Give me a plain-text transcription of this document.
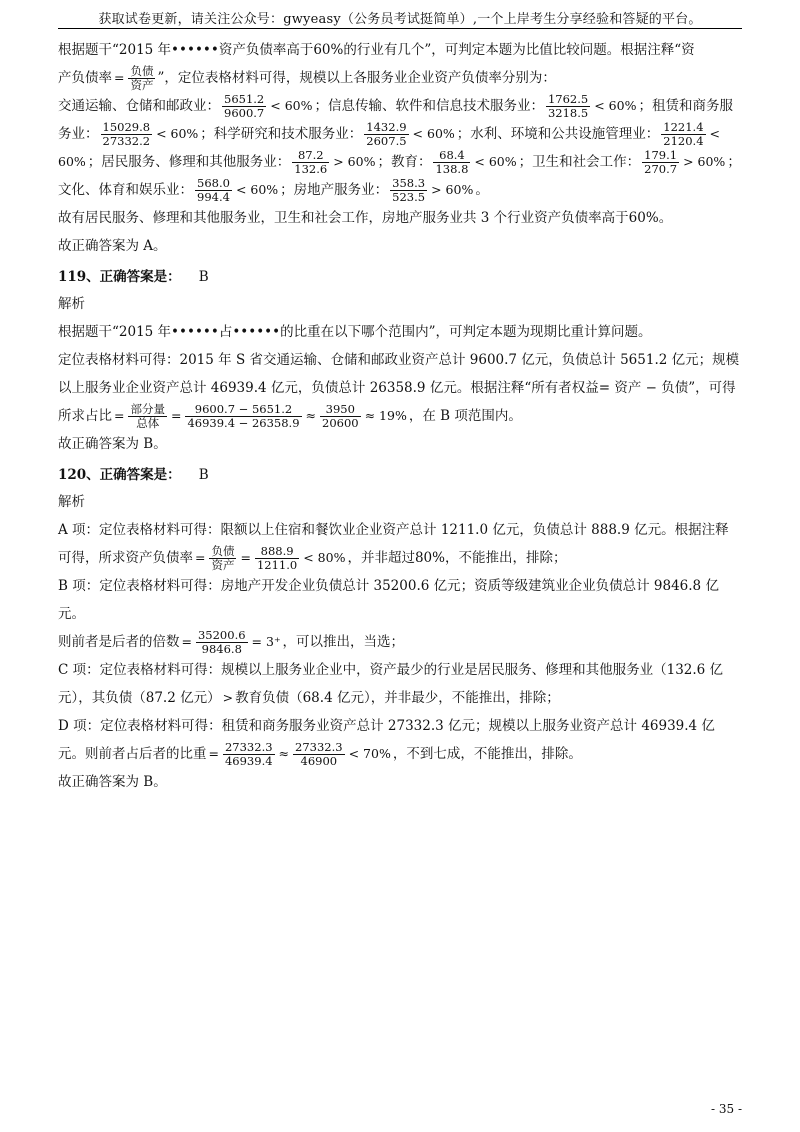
获取试卷更新，请关注公众号：gwyeasy（公务员考试挺简单）,一个上岸考生分享经验和答疑的平台。

根据题干“2015 年••••••资产负债率高于60%的行业有几个”，可判定本题为比值比较问题。根据注释“资

产负债率 = $\frac{\text{负债}}{\text{资产}}$ ”，定位表格材料可得，规模以上各服务业企业资产负债率分别为：

交通运输、仓储和邮政业： $\frac{5651.2}{9600.7} < 60\%$ ；信息传输、软件和信息技术服务业： $\frac{1762.5}{3218.5} < 60\%$ ；租赁和商务服务业： $\frac{15029.8}{27332.2} < 60\%$ ；科学研究和技术服务业： $\frac{1432.9}{2607.5} < 60\%$ ；水利、环境和公共设施管理业： $\frac{1221.4}{2120.4} < 60\%$ ；居民服务、修理和其他服务业： $\frac{87.2}{132.6} > 60\%$ ；教育： $\frac{68.4}{138.8} < 60\%$ ；卫生和社会工作： $\frac{179.1}{270.7} > 60\%$ ；文化、体育和娱乐业： $\frac{568.0}{994.4} < 60\%$ ；房地产服务业： $\frac{358.3}{523.5} > 60\%$ 。

故有居民服务、修理和其他服务业，卫生和社会工作，房地产服务业共 3 个行业资产负债率高于60%。

故正确答案为 A。

119、正确答案是： B

解析

根据题干“2015 年••••••占••••••的比重在以下哪个范围内”，可判定本题为现期比重计算问题。

定位表格材料可得：2015 年 S 省交通运输、仓储和邮政业资产总计 9600.7 亿元，负债总计 5651.2 亿元；规模

以上服务业企业资产总计 46939.4 亿元，负债总计 26358.9 亿元。根据注释“所有者权益= 资产 − 负债”，可得

所求占比 = $\frac{\text{部分量}}{\text{总体}} = \frac{9600.7 - 5651.2}{46939.4 - 26358.9} \approx \frac{3950}{20600} \approx 19\%$ ，在 B 项范围内。

故正确答案为 B。

120、正确答案是： B

解析

A 项：定位表格材料可得：限额以上住宿和餐饮业企业资产总计 1211.0 亿元，负债总计 888.9 亿元。根据注释

可得，所求资产负债率 = $\frac{\text{负债}}{\text{资产}} = \frac{888.9}{1211.0} < 80\%$ ，并非超过80%，不能推出，排除；

B 项：定位表格材料可得：房地产开发企业负债总计 35200.6 亿元；资质等级建筑业企业负债总计 9846.8 亿元。

则前者是后者的倍数 = $\frac{35200.6}{9846.8} = 3^+$ ，可以推出，当选；

C 项：定位表格材料可得：规模以上服务业企业中，资产最少的行业是居民服务、修理和其他服务业（132.6 亿

元），其负债（87.2 亿元） > 教育负债（68.4 亿元），并非最少，不能推出，排除；

D 项：定位表格材料可得：租赁和商务服务业资产总计 27332.3 亿元；规模以上服务业资产总计 46939.4 亿

元。则前者占后者的比重 = $\frac{27332.3}{46939.4} \approx \frac{27332.3}{46900} < 70\%$ ，不到七成，不能推出，排除。

故正确答案为 B。

- 35 -
